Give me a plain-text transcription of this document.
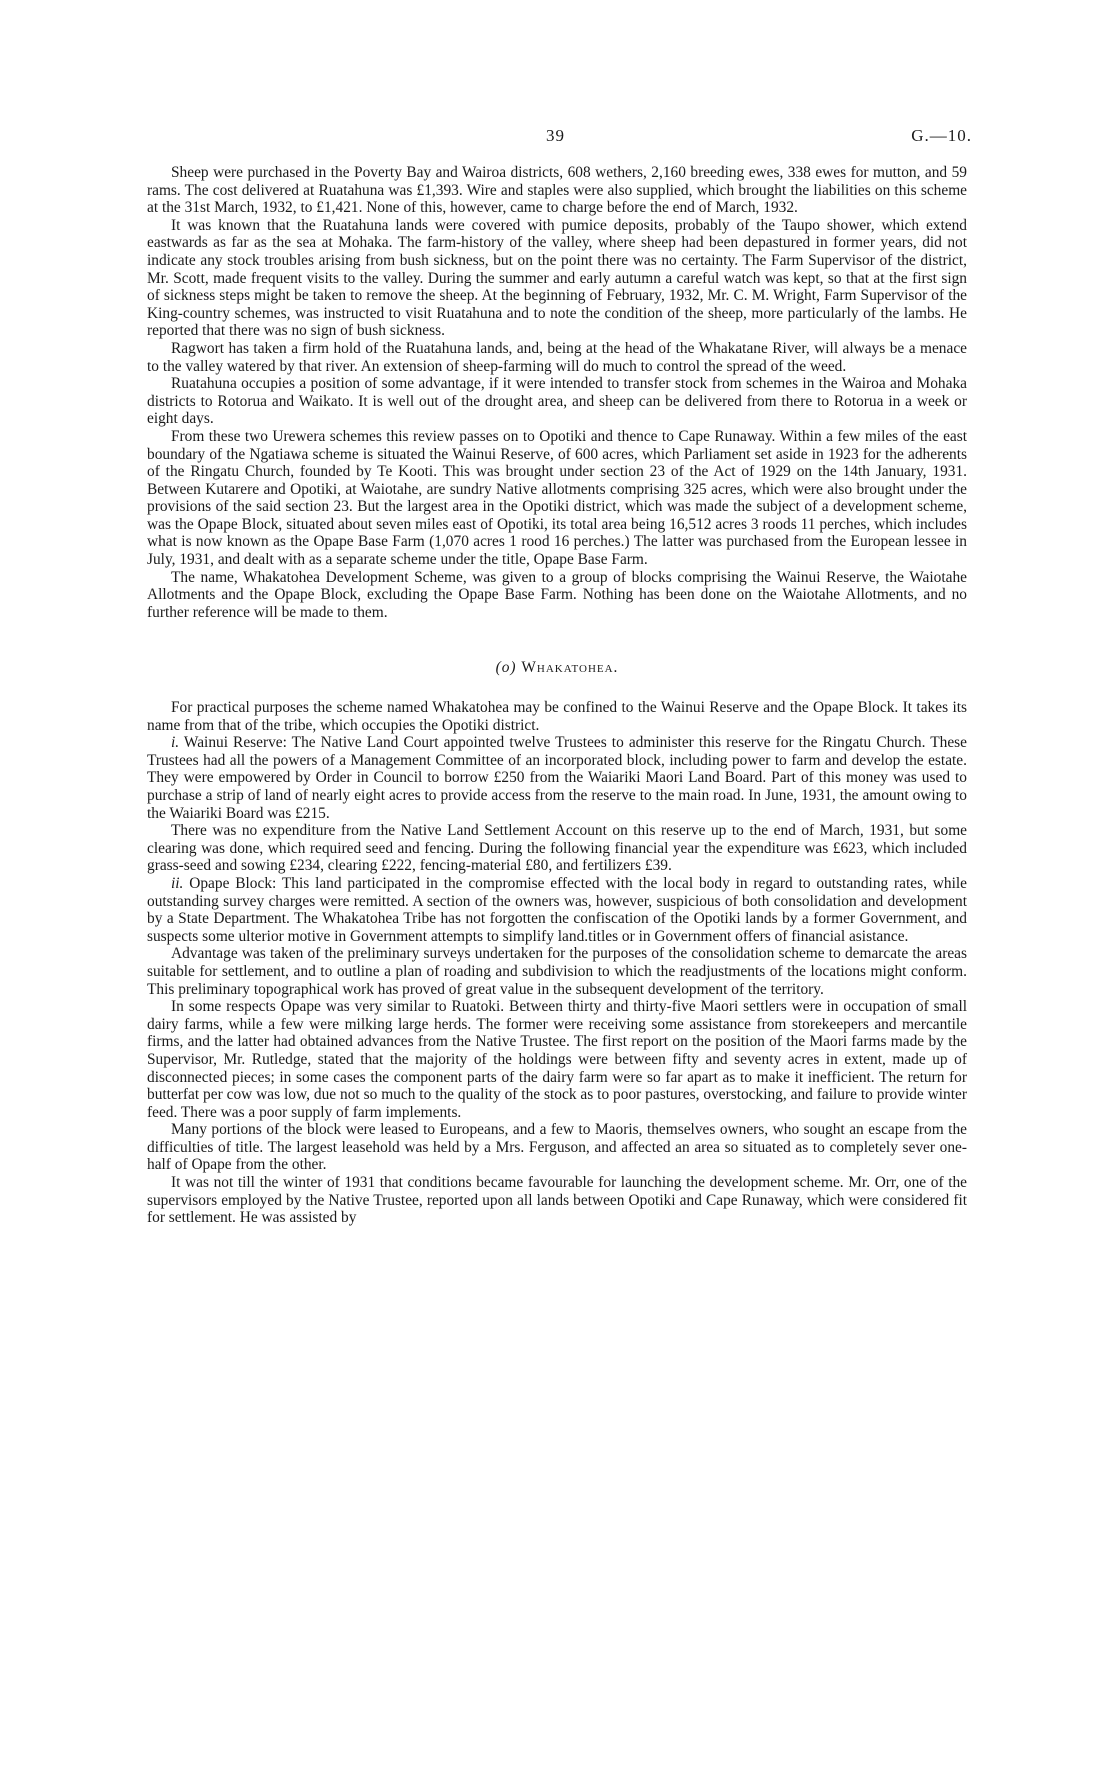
39	G.—10.

Sheep were purchased in the Poverty Bay and Wairoa districts, 608 wethers, 2,160 breeding ewes, 338 ewes for mutton, and 59 rams. The cost delivered at Ruatahuna was £1,393. Wire and staples were also supplied, which brought the liabilities on this scheme at the 31st March, 1932, to £1,421. None of this, however, came to charge before the end of March, 1932.

It was known that the Ruatahuna lands were covered with pumice deposits, probably of the Taupo shower, which extend eastwards as far as the sea at Mohaka. The farm-history of the valley, where sheep had been depastured in former years, did not indicate any stock troubles arising from bush sickness, but on the point there was no certainty. The Farm Supervisor of the district, Mr. Scott, made frequent visits to the valley. During the summer and early autumn a careful watch was kept, so that at the first sign of sickness steps might be taken to remove the sheep. At the beginning of February, 1932, Mr. C. M. Wright, Farm Supervisor of the King-country schemes, was instructed to visit Ruatahuna and to note the condition of the sheep, more particularly of the lambs. He reported that there was no sign of bush sickness.

Ragwort has taken a firm hold of the Ruatahuna lands, and, being at the head of the Whakatane River, will always be a menace to the valley watered by that river. An extension of sheep-farming will do much to control the spread of the weed.

Ruatahuna occupies a position of some advantage, if it were intended to transfer stock from schemes in the Wairoa and Mohaka districts to Rotorua and Waikato. It is well out of the drought area, and sheep can be delivered from there to Rotorua in a week or eight days.

From these two Urewera schemes this review passes on to Opotiki and thence to Cape Runaway. Within a few miles of the east boundary of the Ngatiawa scheme is situated the Wainui Reserve, of 600 acres, which Parliament set aside in 1923 for the adherents of the Ringatu Church, founded by Te Kooti. This was brought under section 23 of the Act of 1929 on the 14th January, 1931. Between Kutarere and Opotiki, at Waiotahe, are sundry Native allotments comprising 325 acres, which were also brought under the provisions of the said section 23. But the largest area in the Opotiki district, which was made the subject of a development scheme, was the Opape Block, situated about seven miles east of Opotiki, its total area being 16,512 acres 3 roods 11 perches, which includes what is now known as the Opape Base Farm (1,070 acres 1 rood 16 perches.) The latter was purchased from the European lessee in July, 1931, and dealt with as a separate scheme under the title, Opape Base Farm.

The name, Whakatohea Development Scheme, was given to a group of blocks comprising the Wainui Reserve, the Waiotahe Allotments and the Opape Block, excluding the Opape Base Farm. Nothing has been done on the Waiotahe Allotments, and no further reference will be made to them.

(o) Whakatohea.

For practical purposes the scheme named Whakatohea may be confined to the Wainui Reserve and the Opape Block. It takes its name from that of the tribe, which occupies the Opotiki district.

i. Wainui Reserve: The Native Land Court appointed twelve Trustees to administer this reserve for the Ringatu Church. These Trustees had all the powers of a Management Committee of an incorporated block, including power to farm and develop the estate. They were empowered by Order in Council to borrow £250 from the Waiariki Maori Land Board. Part of this money was used to purchase a strip of land of nearly eight acres to provide access from the reserve to the main road. In June, 1931, the amount owing to the Waiariki Board was £215.

There was no expenditure from the Native Land Settlement Account on this reserve up to the end of March, 1931, but some clearing was done, which required seed and fencing. During the following financial year the expenditure was £623, which included grass-seed and sowing £234, clearing £222, fencing-material £80, and fertilizers £39.

ii. Opape Block: This land participated in the compromise effected with the local body in regard to outstanding rates, while outstanding survey charges were remitted. A section of the owners was, however, suspicious of both consolidation and development by a State Department. The Whakatohea Tribe has not forgotten the confiscation of the Opotiki lands by a former Government, and suspects some ulterior motive in Government attempts to simplify land.titles or in Government offers of financial asistance.

Advantage was taken of the preliminary surveys undertaken for the purposes of the consolidation scheme to demarcate the areas suitable for settlement, and to outline a plan of roading and subdivision to which the readjustments of the locations might conform. This preliminary topographical work has proved of great value in the subsequent development of the territory.

In some respects Opape was very similar to Ruatoki. Between thirty and thirty-five Maori settlers were in occupation of small dairy farms, while a few were milking large herds. The former were receiving some assistance from storekeepers and mercantile firms, and the latter had obtained advances from the Native Trustee. The first report on the position of the Maori farms made by the Supervisor, Mr. Rutledge, stated that the majority of the holdings were between fifty and seventy acres in extent, made up of disconnected pieces; in some cases the component parts of the dairy farm were so far apart as to make it inefficient. The return for butterfat per cow was low, due not so much to the quality of the stock as to poor pastures, overstocking, and failure to provide winter feed. There was a poor supply of farm implements.

Many portions of the block were leased to Europeans, and a few to Maoris, themselves owners, who sought an escape from the difficulties of title. The largest leasehold was held by a Mrs. Ferguson, and affected an area so situated as to completely sever one-half of Opape from the other.

It was not till the winter of 1931 that conditions became favourable for launching the development scheme. Mr. Orr, one of the supervisors employed by the Native Trustee, reported upon all lands between Opotiki and Cape Runaway, which were considered fit for settlement. He was assisted by
